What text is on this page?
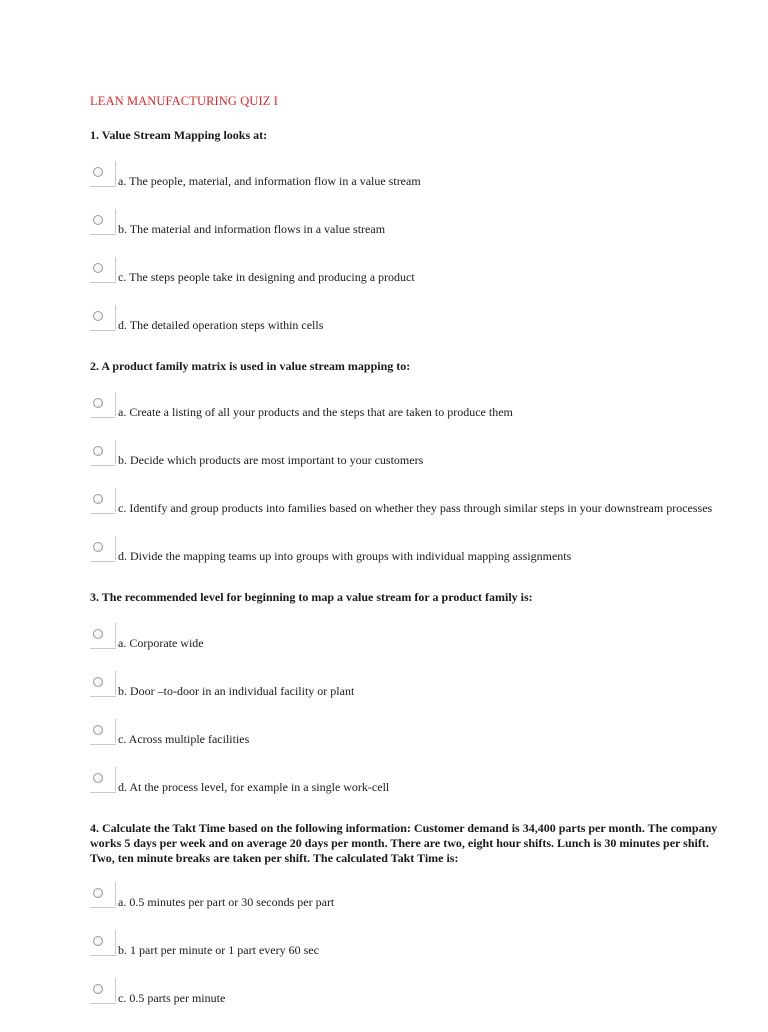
LEAN MANUFACTURING QUIZ I

1. Value Stream Mapping looks at:

a. The people, material, and information flow in a value stream
b. The material and information flows in a value stream
c. The steps people take in designing and producing a product
d. The detailed operation steps within cells

2. A product family matrix is used in value stream mapping to:

a. Create a listing of all your products and the steps that are taken to produce them
b. Decide which products are most important to your customers
c. Identify and group products into families based on whether they pass through similar steps in your downstream processes
d. Divide the mapping teams up into groups with groups with individual mapping assignments

3. The recommended level for beginning to map a value stream for a product family is:

a. Corporate wide
b. Door –to-door in an individual facility or plant
c. Across multiple facilities
d. At the process level, for example in a single work-cell

4. Calculate the Takt Time based on the following information: Customer demand is 34,400 parts per month. The company works 5 days per week and on average 20 days per month. There are two, eight hour shifts. Lunch is 30 minutes per shift. Two, ten minute breaks are taken per shift. The calculated Takt Time is:

a. 0.5 minutes per part or 30 seconds per part
b. 1 part per minute or 1 part every 60 sec
c. 0.5 parts per minute
